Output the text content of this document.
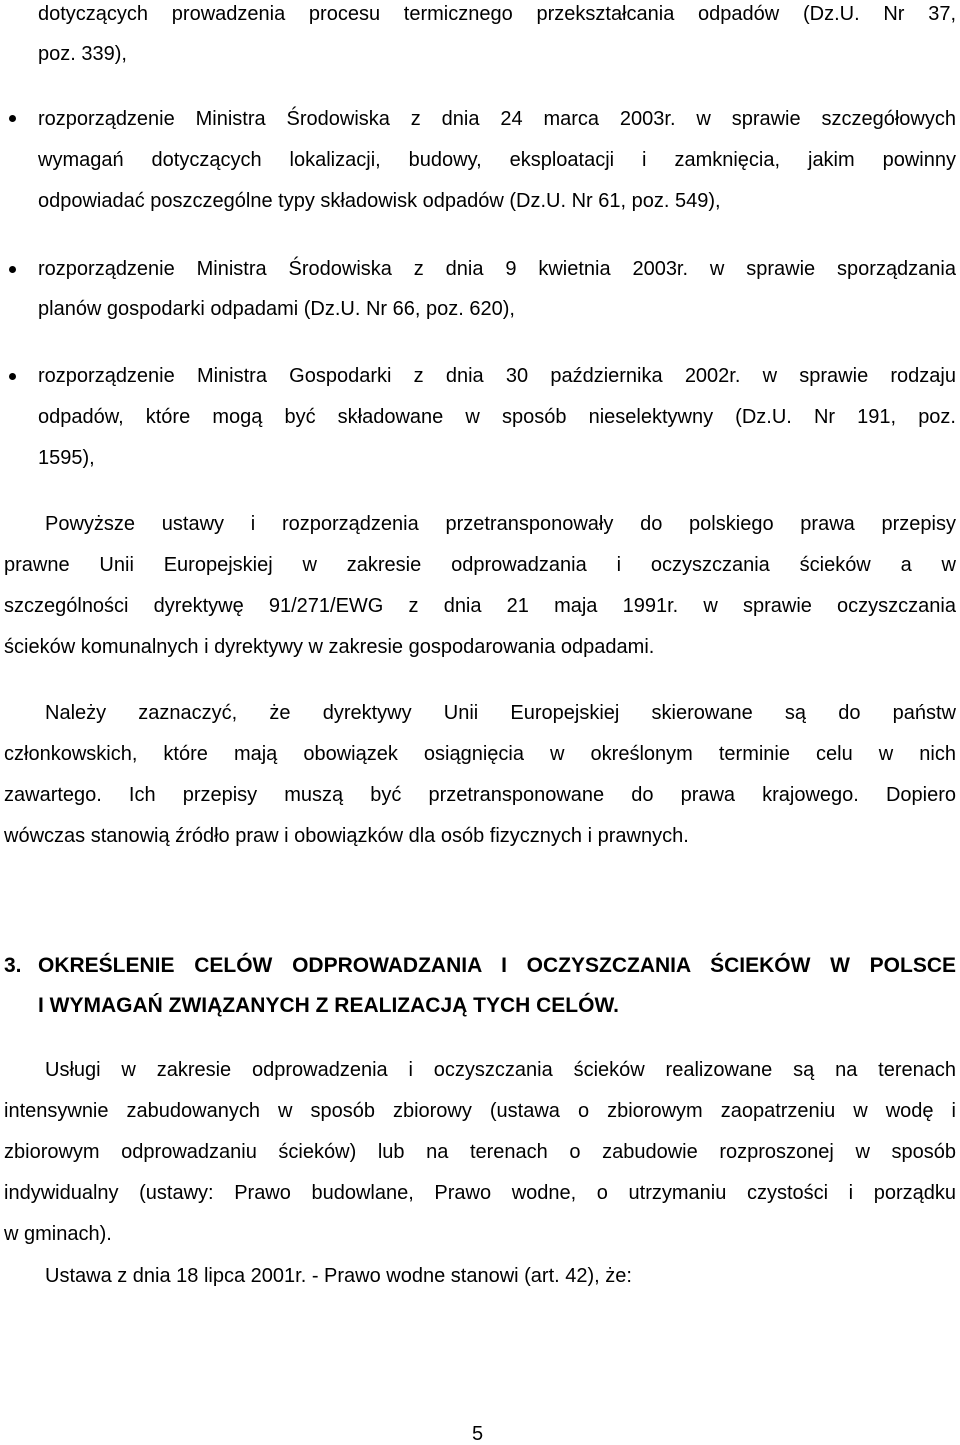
dotyczących prowadzenia procesu termicznego przekształcania odpadów (Dz.U. Nr 37,
poz. 339),
rozporządzenie Ministra Środowiska z dnia 24 marca 2003r. w sprawie szczegółowych
wymagań dotyczących lokalizacji, budowy, eksploatacji i zamknięcia, jakim powinny
odpowiadać poszczególne typy składowisk odpadów (Dz.U. Nr 61, poz. 549),
rozporządzenie Ministra Środowiska z dnia 9 kwietnia 2003r. w sprawie sporządzania
planów gospodarki odpadami (Dz.U. Nr 66, poz. 620),
rozporządzenie Ministra Gospodarki z dnia 30 października 2002r. w sprawie rodzaju
odpadów, które mogą być składowane w sposób nieselektywny (Dz.U. Nr 191, poz.
1595),
Powyższe ustawy i rozporządzenia przetransponowały do polskiego prawa przepisy
prawne Unii Europejskiej w zakresie odprowadzania i oczyszczania ścieków a w
szczególności dyrektywę 91/271/EWG z dnia 21 maja 1991r. w sprawie oczyszczania
ścieków komunalnych i dyrektywy w zakresie gospodarowania odpadami.
Należy zaznaczyć, że dyrektywy Unii Europejskiej skierowane są do państw
członkowskich, które mają obowiązek osiągnięcia w określonym terminie celu w nich
zawartego. Ich przepisy muszą być przetransponowane do prawa krajowego. Dopiero
wówczas stanowią źródło praw i obowiązków dla osób fizycznych i prawnych.
3. OKREŚLENIE CELÓW ODPROWADZANIA I OCZYSZCZANIA ŚCIEKÓW W POLSCE
I WYMAGAŃ ZWIĄZANYCH Z REALIZACJĄ TYCH CELÓW.
Usługi w zakresie odprowadzenia i oczyszczania ścieków realizowane są na terenach
intensywnie zabudowanych w sposób zbiorowy (ustawa o zbiorowym zaopatrzeniu w wodę i
zbiorowym odprowadzaniu ścieków) lub na terenach o zabudowie rozproszonej w sposób
indywidualny (ustawy: Prawo budowlane, Prawo wodne, o utrzymaniu czystości i porządku
w gminach).
Ustawa z dnia 18 lipca 2001r. - Prawo wodne stanowi (art. 42), że:
5
